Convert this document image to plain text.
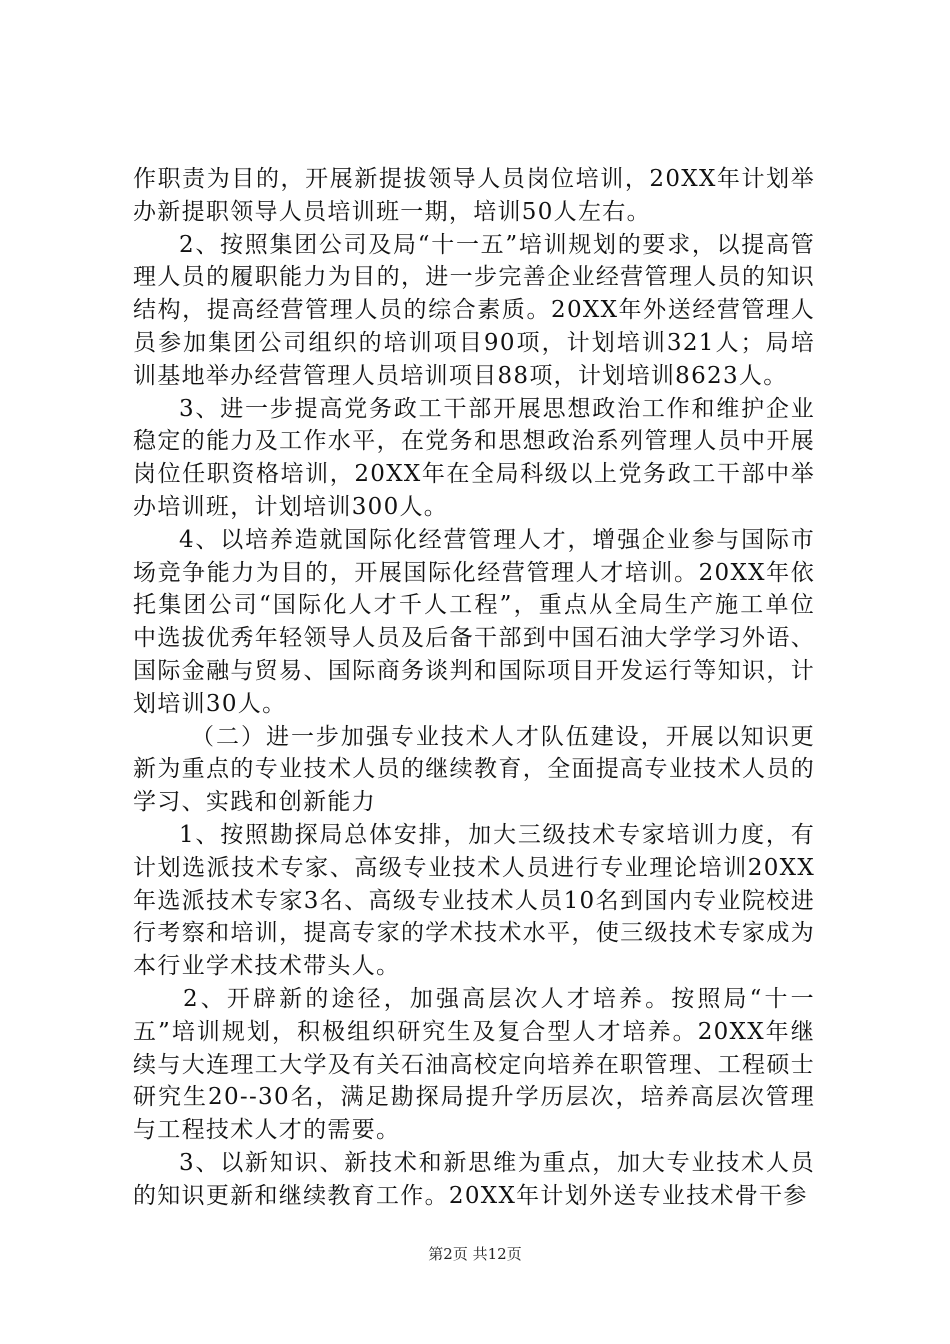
作职责为目的，开展新提拔领导人员岗位培训，20XX年计划举办新提职领导人员培训班一期，培训50人左右。

2、按照集团公司及局“十一五”培训规划的要求，以提高管理人员的履职能力为目的，进一步完善企业经营管理人员的知识结构，提高经营管理人员的综合素质。20XX年外送经营管理人员参加集团公司组织的培训项目90项，计划培训321人；局培训基地举办经营管理人员培训项目88项，计划培训8623人。

3、进一步提高党务政工干部开展思想政治工作和维护企业稳定的能力及工作水平，在党务和思想政治系列管理人员中开展岗位任职资格培训，20XX年在全局科级以上党务政工干部中举办培训班，计划培训300人。

4、以培养造就国际化经营管理人才，增强企业参与国际市场竞争能力为目的，开展国际化经营管理人才培训。20XX年依托集团公司“国际化人才千人工程”，重点从全局生产施工单位中选拔优秀年轻领导人员及后备干部到中国石油大学学习外语、国际金融与贸易、国际商务谈判和国际项目开发运行等知识，计划培训30人。

（二）进一步加强专业技术人才队伍建设，开展以知识更新为重点的专业技术人员的继续教育，全面提高专业技术人员的学习、实践和创新能力

1、按照勘探局总体安排，加大三级技术专家培训力度，有计划选派技术专家、高级专业技术人员进行专业理论培训20XX年选派技术专家3名、高级专业技术人员10名到国内专业院校进行考察和培训，提高专家的学术技术水平，使三级技术专家成为本行业学术技术带头人。

2、开辟新的途径，加强高层次人才培养。按照局“十一五”培训规划，积极组织研究生及复合型人才培养。20XX年继续与大连理工大学及有关石油高校定向培养在职管理、工程硕士研究生20--30名，满足勘探局提升学历层次，培养高层次管理与工程技术人才的需要。

3、以新知识、新技术和新思维为重点，加大专业技术人员的知识更新和继续教育工作。20XX年计划外送专业技术骨干参

第2页 共12页
